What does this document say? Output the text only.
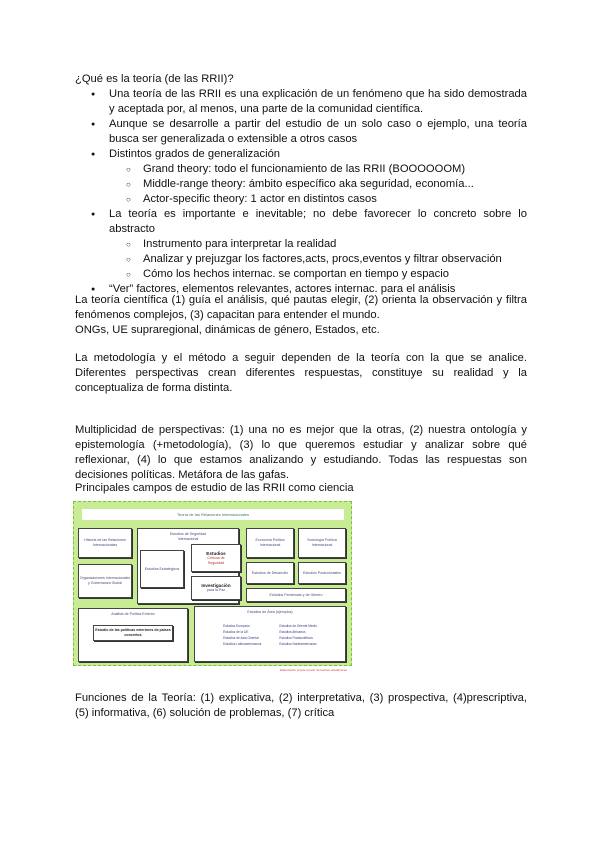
¿Qué es la teoría (de las RRII)?
● Una teoría de las RRII es una explicación de un fenómeno que ha sido demostrada y aceptada por, al menos, una parte de la comunidad científica.
● Aunque se desarrolle a partir del estudio de un solo caso o ejemplo, una teoría busca ser generalizada o extensible a otros casos
● Distintos grados de generalización
○ Grand theory: todo el funcionamiento de las RRII (BOOOOOOM)
○ Middle-range theory: ámbito específico aka seguridad, economía...
○ Actor-specific theory: 1 actor en distintos casos
● La teoría es importante e inevitable; no debe favorecer lo concreto sobre lo abstracto
○ Instrumento para interpretar la realidad
○ Analizar y prejuzgar los factores,acts, procs,eventos y filtrar observación
○ Cómo los hechos internac. se comportan en tiempo y espacio
● “Ver” factores, elementos relevantes, actores internac. para el análisis
La teoría científica (1) guía el análisis, qué pautas elegir, (2) orienta la observación y filtra fenómenos complejos, (3) capacitan para entender el mundo.
ONGs, UE supraregional, dinámicas de género, Estados, etc.
La metodología y el método a seguir dependen de la teoría con la que se analice. Diferentes perspectivas crean diferentes respuestas, constituye su realidad y la conceptualiza de forma distinta.
Multiplicidad de perspectivas: (1) una no es mejor que la otras, (2) nuestra ontología y epistemología (+metodología), (3) lo que queremos estudiar y analizar sobre qué reflexionar, (4) lo que estamos analizando y estudiando. Todas las respuestas son decisiones políticas. Metáfora de las gafas.
Principales campos de estudio de las RRII como ciencia
Funciones de la Teoría: (1) explicativa, (2) interpretativa, (3) prospectiva, (4)prescriptiva, (5) informativa, (6) solución de problemas, (7) crítica
Teoría de las Relaciones Internacionales
Historia de las Relaciones Internacionales
Organizaciones Internacionales y Gobernanza Global
Estudios de Seguridad Internacional
Estudios Estratégicos
Estudios
Críticos de Seguridad
Investigación
para la Paz
Economía Política Internacional
Sociología Política Internacional
Estudios de Desarrollo	Estudios Postcoloniales
Estudios Feministas y de Género
Análisis de Política Exterior
Estudio de las políticas exteriores de países concretos
Estudios de Área (ejemplos)
Estudios Europeos
Estudios de la UE
Estudios de Asia Oriental
Estudios Latinoamericanos
Estudios de Oriente Medio
Estudios Africanos
Estudios Postsoviéticos
Estudios Norteamericanos
Elaboración propia a partir de fuentes académicas
